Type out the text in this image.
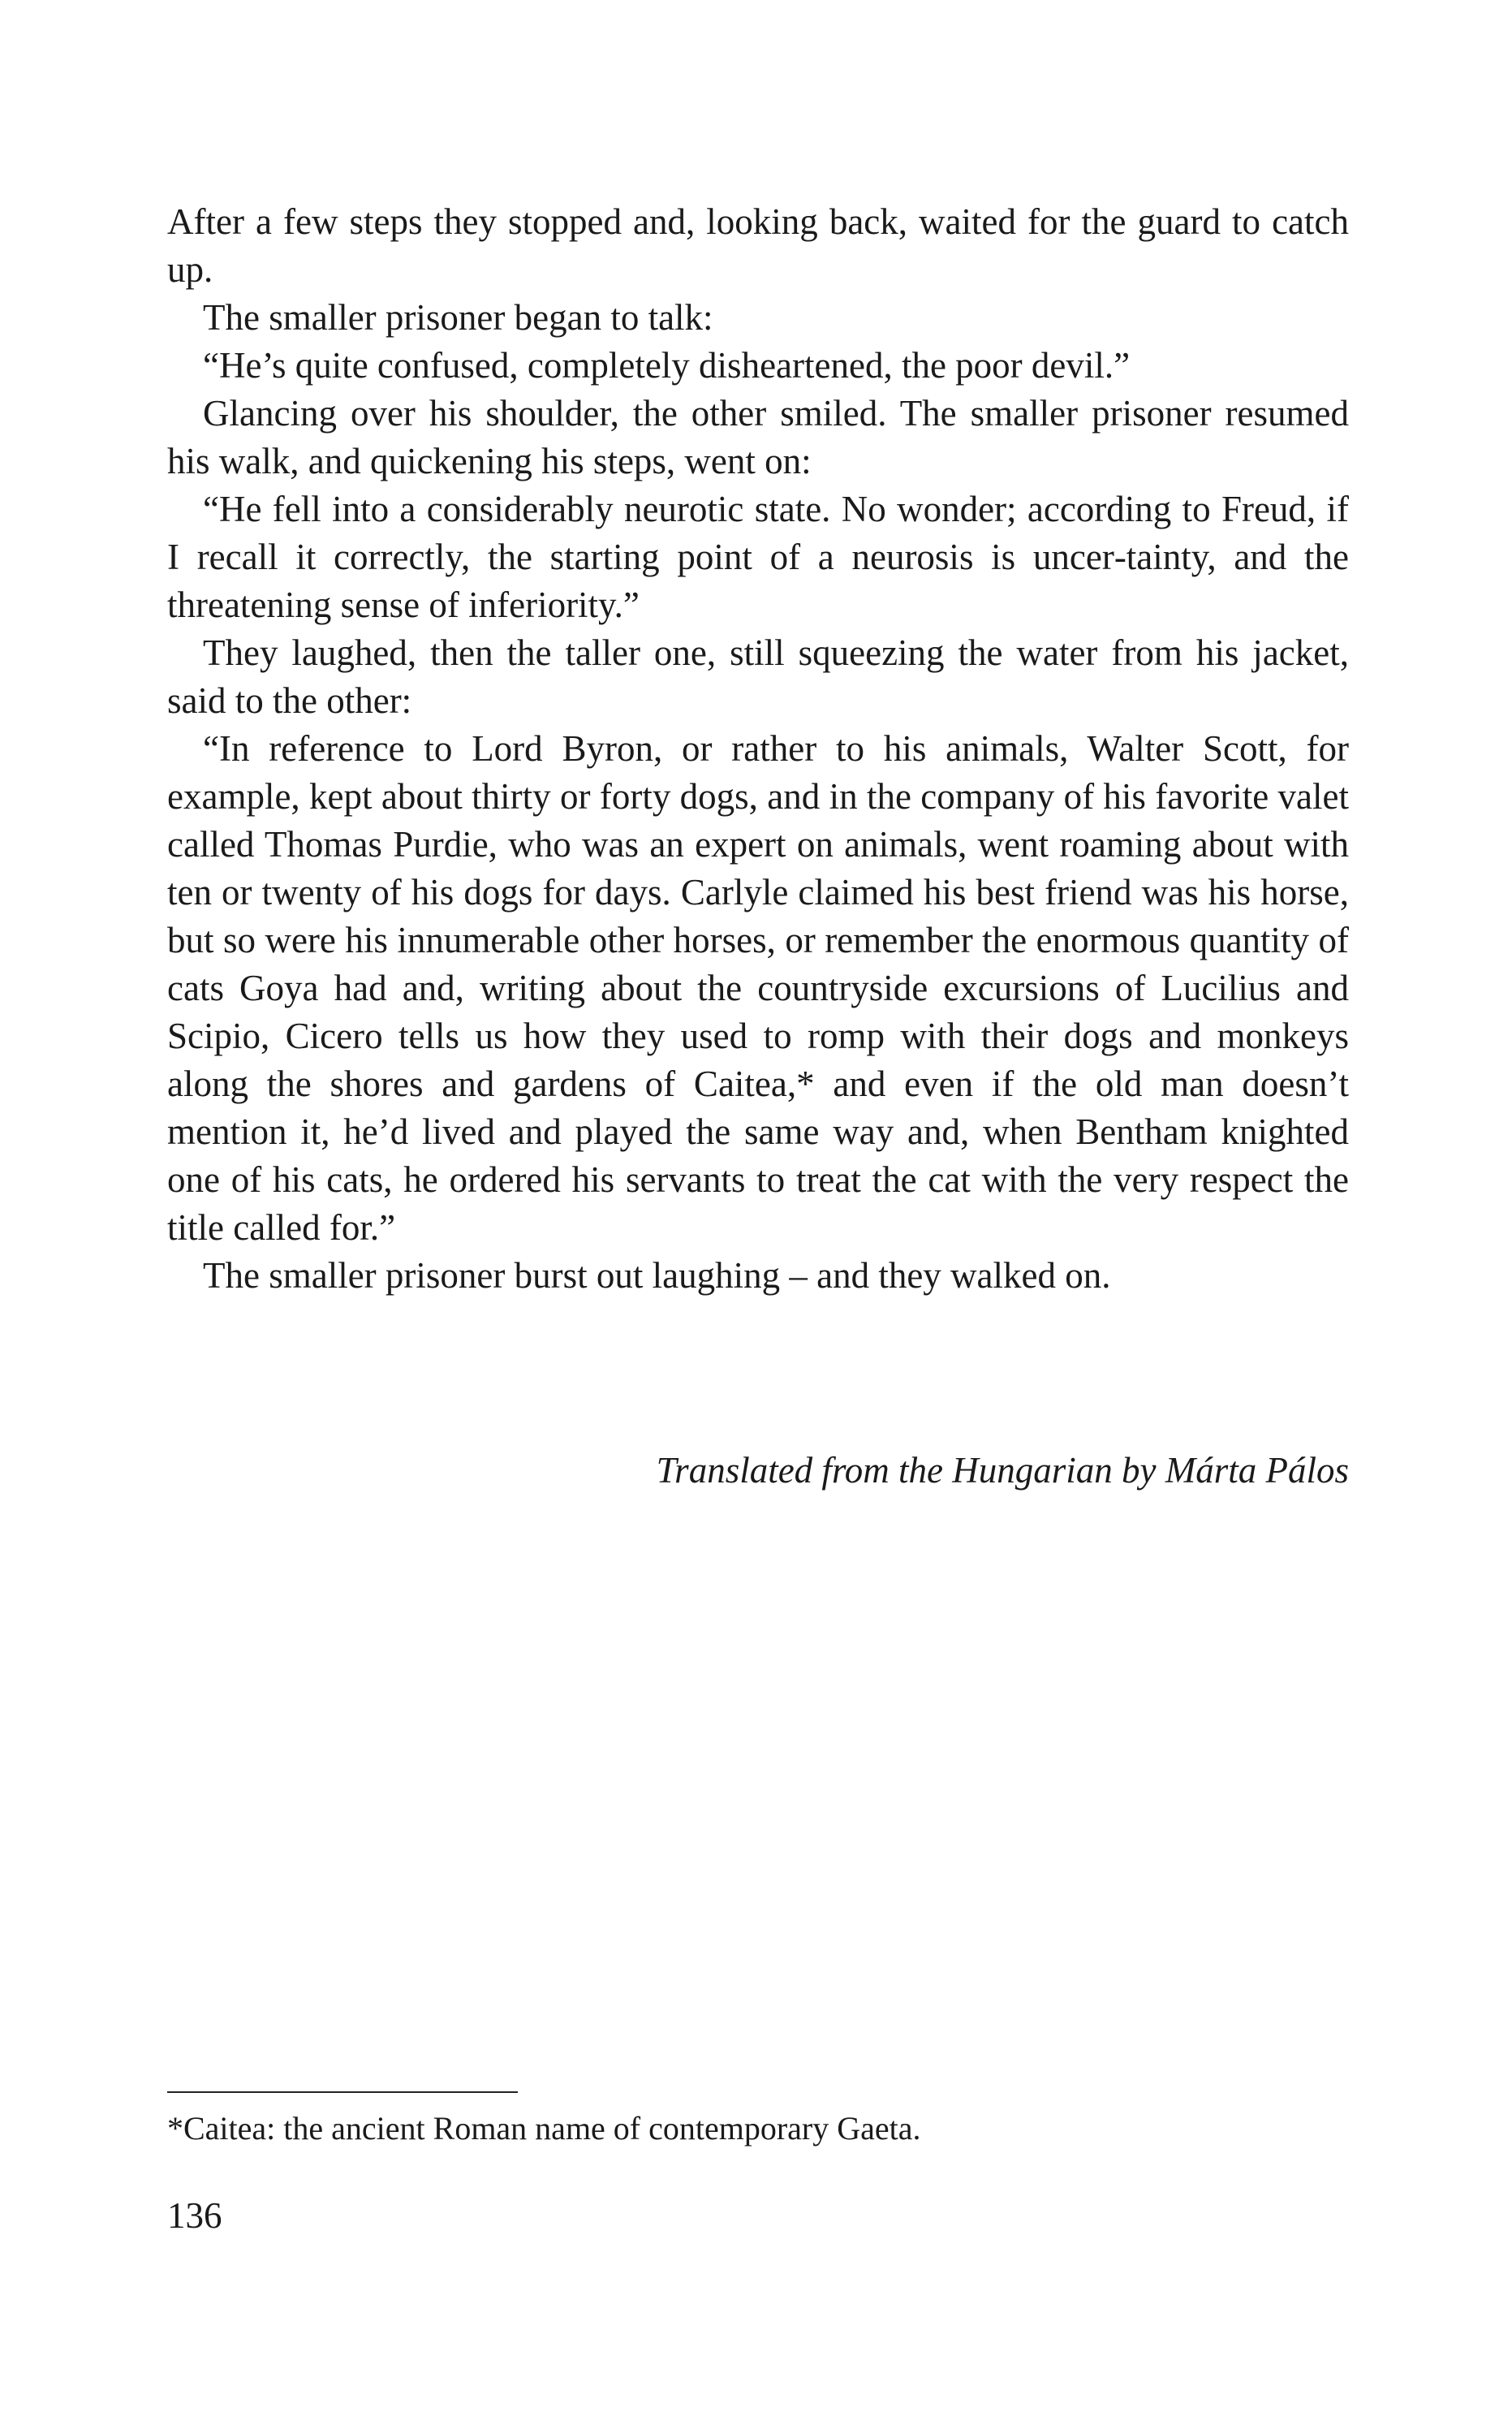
After a few steps they stopped and, looking back, waited for the guard to catch up.

The smaller prisoner began to talk:

“He’s quite confused, completely disheartened, the poor devil.”

Glancing over his shoulder, the other smiled. The smaller prisoner resumed his walk, and quickening his steps, went on:

“He fell into a considerably neurotic state. No wonder; according to Freud, if I recall it correctly, the starting point of a neurosis is uncer‐tainty, and the threatening sense of inferiority.”

They laughed, then the taller one, still squeezing the water from his jacket, said to the other:

“In reference to Lord Byron, or rather to his animals, Walter Scott, for example, kept about thirty or forty dogs, and in the company of his favorite valet called Thomas Purdie, who was an expert on animals, went roaming about with ten or twenty of his dogs for days. Carlyle claimed his best friend was his horse, but so were his innumerable other horses, or remember the enormous quantity of cats Goya had and, writing about the countryside excursions of Lucilius and Scipio, Cicero tells us how they used to romp with their dogs and monkeys along the shores and gardens of Caitea,* and even if the old man doesn’t mention it, he’d lived and played the same way and, when Bentham knighted one of his cats, he ordered his servants to treat the cat with the very respect the title called for.”

The smaller prisoner burst out laughing – and they walked on.

Translated from the Hungarian by Márta Pálos
*Caitea: the ancient Roman name of contemporary Gaeta.
136
